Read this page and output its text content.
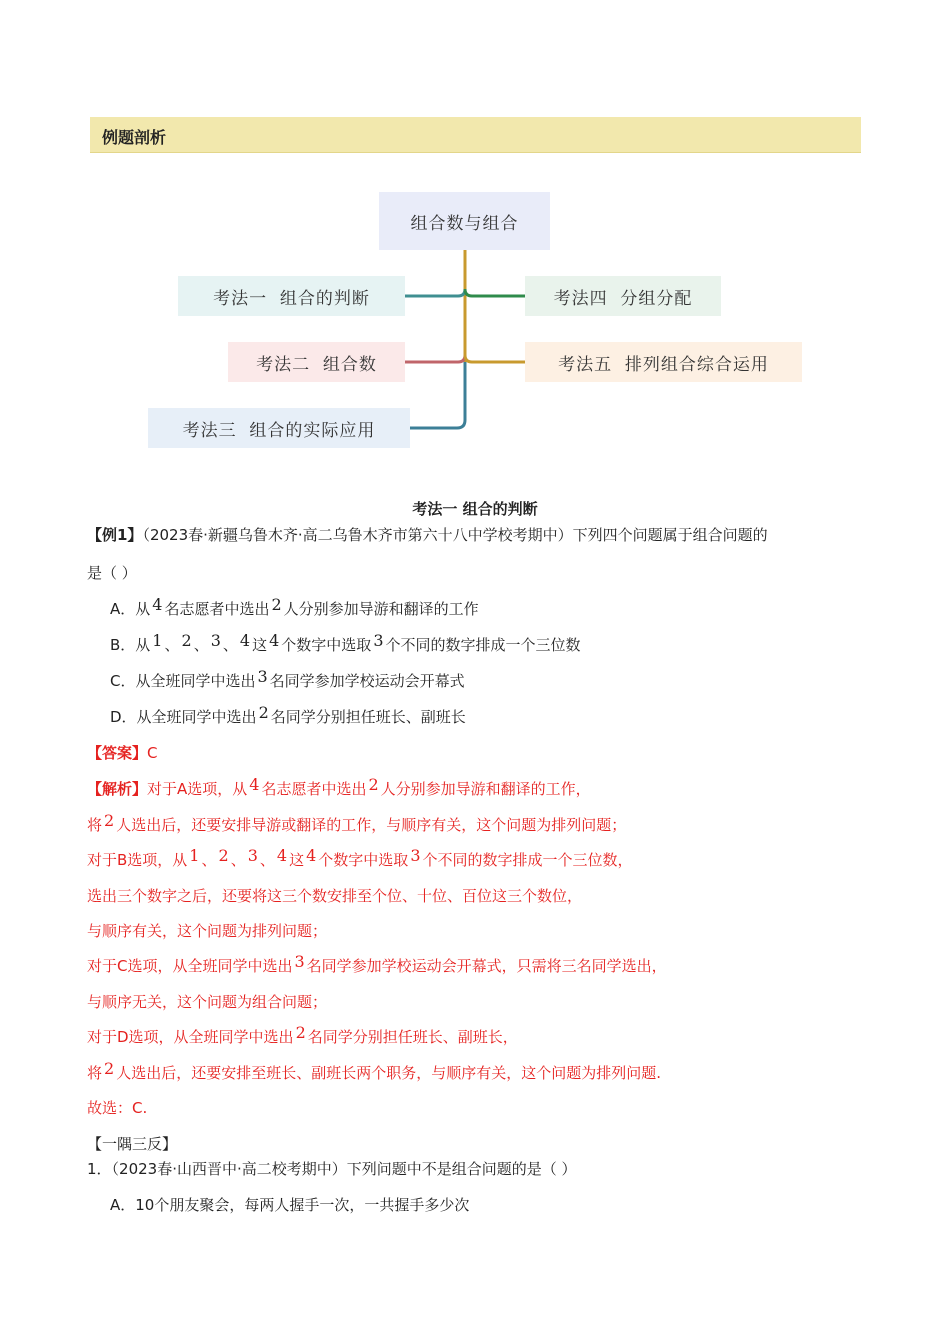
例题剖析
组合数与组合
考法一  组合的判断
考法二  组合数
考法三  组合的实际应用
考法四  分组分配
考法五  排列组合综合运用
考法一 组合的判断
【例1】（2023春·新疆乌鲁木齐·高二乌鲁木齐市第六十八中学校考期中）下列四个问题属于组合问题的
是（ ）
A．从 4 名志愿者中选出 2 人分别参加导游和翻译的工作
B．从 1 、 2 、 3 、 4 这 4 个数字中选取 3 个不同的数字排成一个三位数
C．从全班同学中选出 3 名同学参加学校运动会开幕式
D．从全班同学中选出 2 名同学分别担任班长、副班长
【答案】C
【解析】对于A选项，从 4 名志愿者中选出 2 人分别参加导游和翻译的工作，
将 2 人选出后，还要安排导游或翻译的工作，与顺序有关，这个问题为排列问题；
对于B选项，从 1 、 2 、 3 、 4 这 4 个数字中选取 3 个不同的数字排成一个三位数，
选出三个数字之后，还要将这三个数安排至个位、十位、百位这三个数位，
与顺序有关，这个问题为排列问题；
对于C选项，从全班同学中选出 3 名同学参加学校运动会开幕式，只需将三名同学选出，
与顺序无关，这个问题为组合问题；
对于D选项，从全班同学中选出 2 名同学分别担任班长、副班长，
将 2 人选出后，还要安排至班长、副班长两个职务，与顺序有关，这个问题为排列问题.
故选：C.
【一隅三反】
1．（2023春·山西晋中·高二校考期中）下列问题中不是组合问题的是（ ）
A．10个朋友聚会，每两人握手一次，一共握手多少次
